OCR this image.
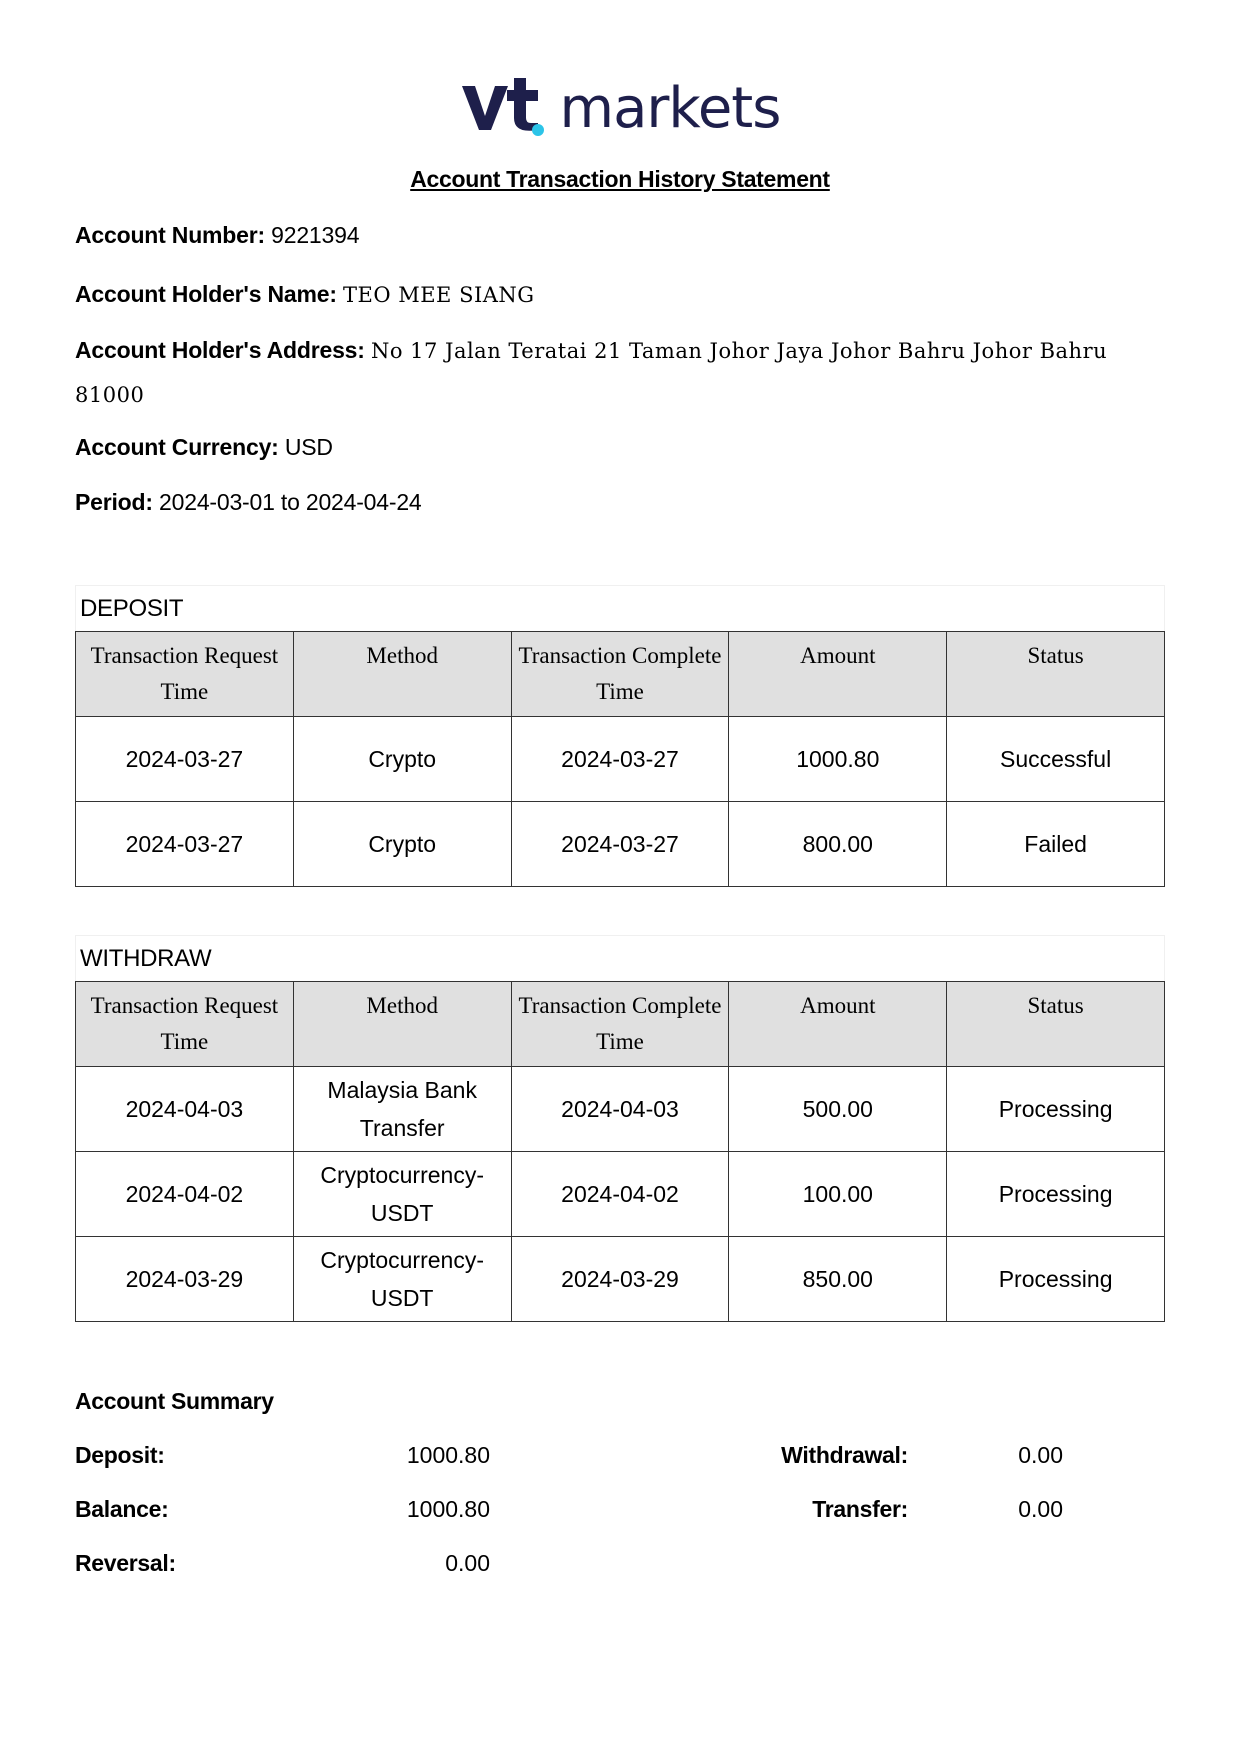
markets
Account Transaction History Statement
Account Number: 9221394
Account Holder's Name: TEO MEE SIANG
Account Holder's Address: No 17 Jalan Teratai 21 Taman Johor Jaya Johor Bahru Johor Bahru 81000
Account Currency: USD
Period: 2024-03-01 to 2024-04-24
DEPOSIT
Transaction Request Time	Method	Transaction Complete Time	Amount	Status
2024-03-27	Crypto	2024-03-27	1000.80	Successful
2024-03-27	Crypto	2024-03-27	800.00	Failed
WITHDRAW
Transaction Request Time	Method	Transaction Complete Time	Amount	Status
2024-04-03	Malaysia Bank Transfer	2024-04-03	500.00	Processing
2024-04-02	Cryptocurrency-USDT	2024-04-02	100.00	Processing
2024-03-29	Cryptocurrency-USDT	2024-03-29	850.00	Processing
Account Summary
Deposit:	1000.80
Balance:	1000.80
Reversal:	0.00
Withdrawal:	0.00
Transfer:	0.00
